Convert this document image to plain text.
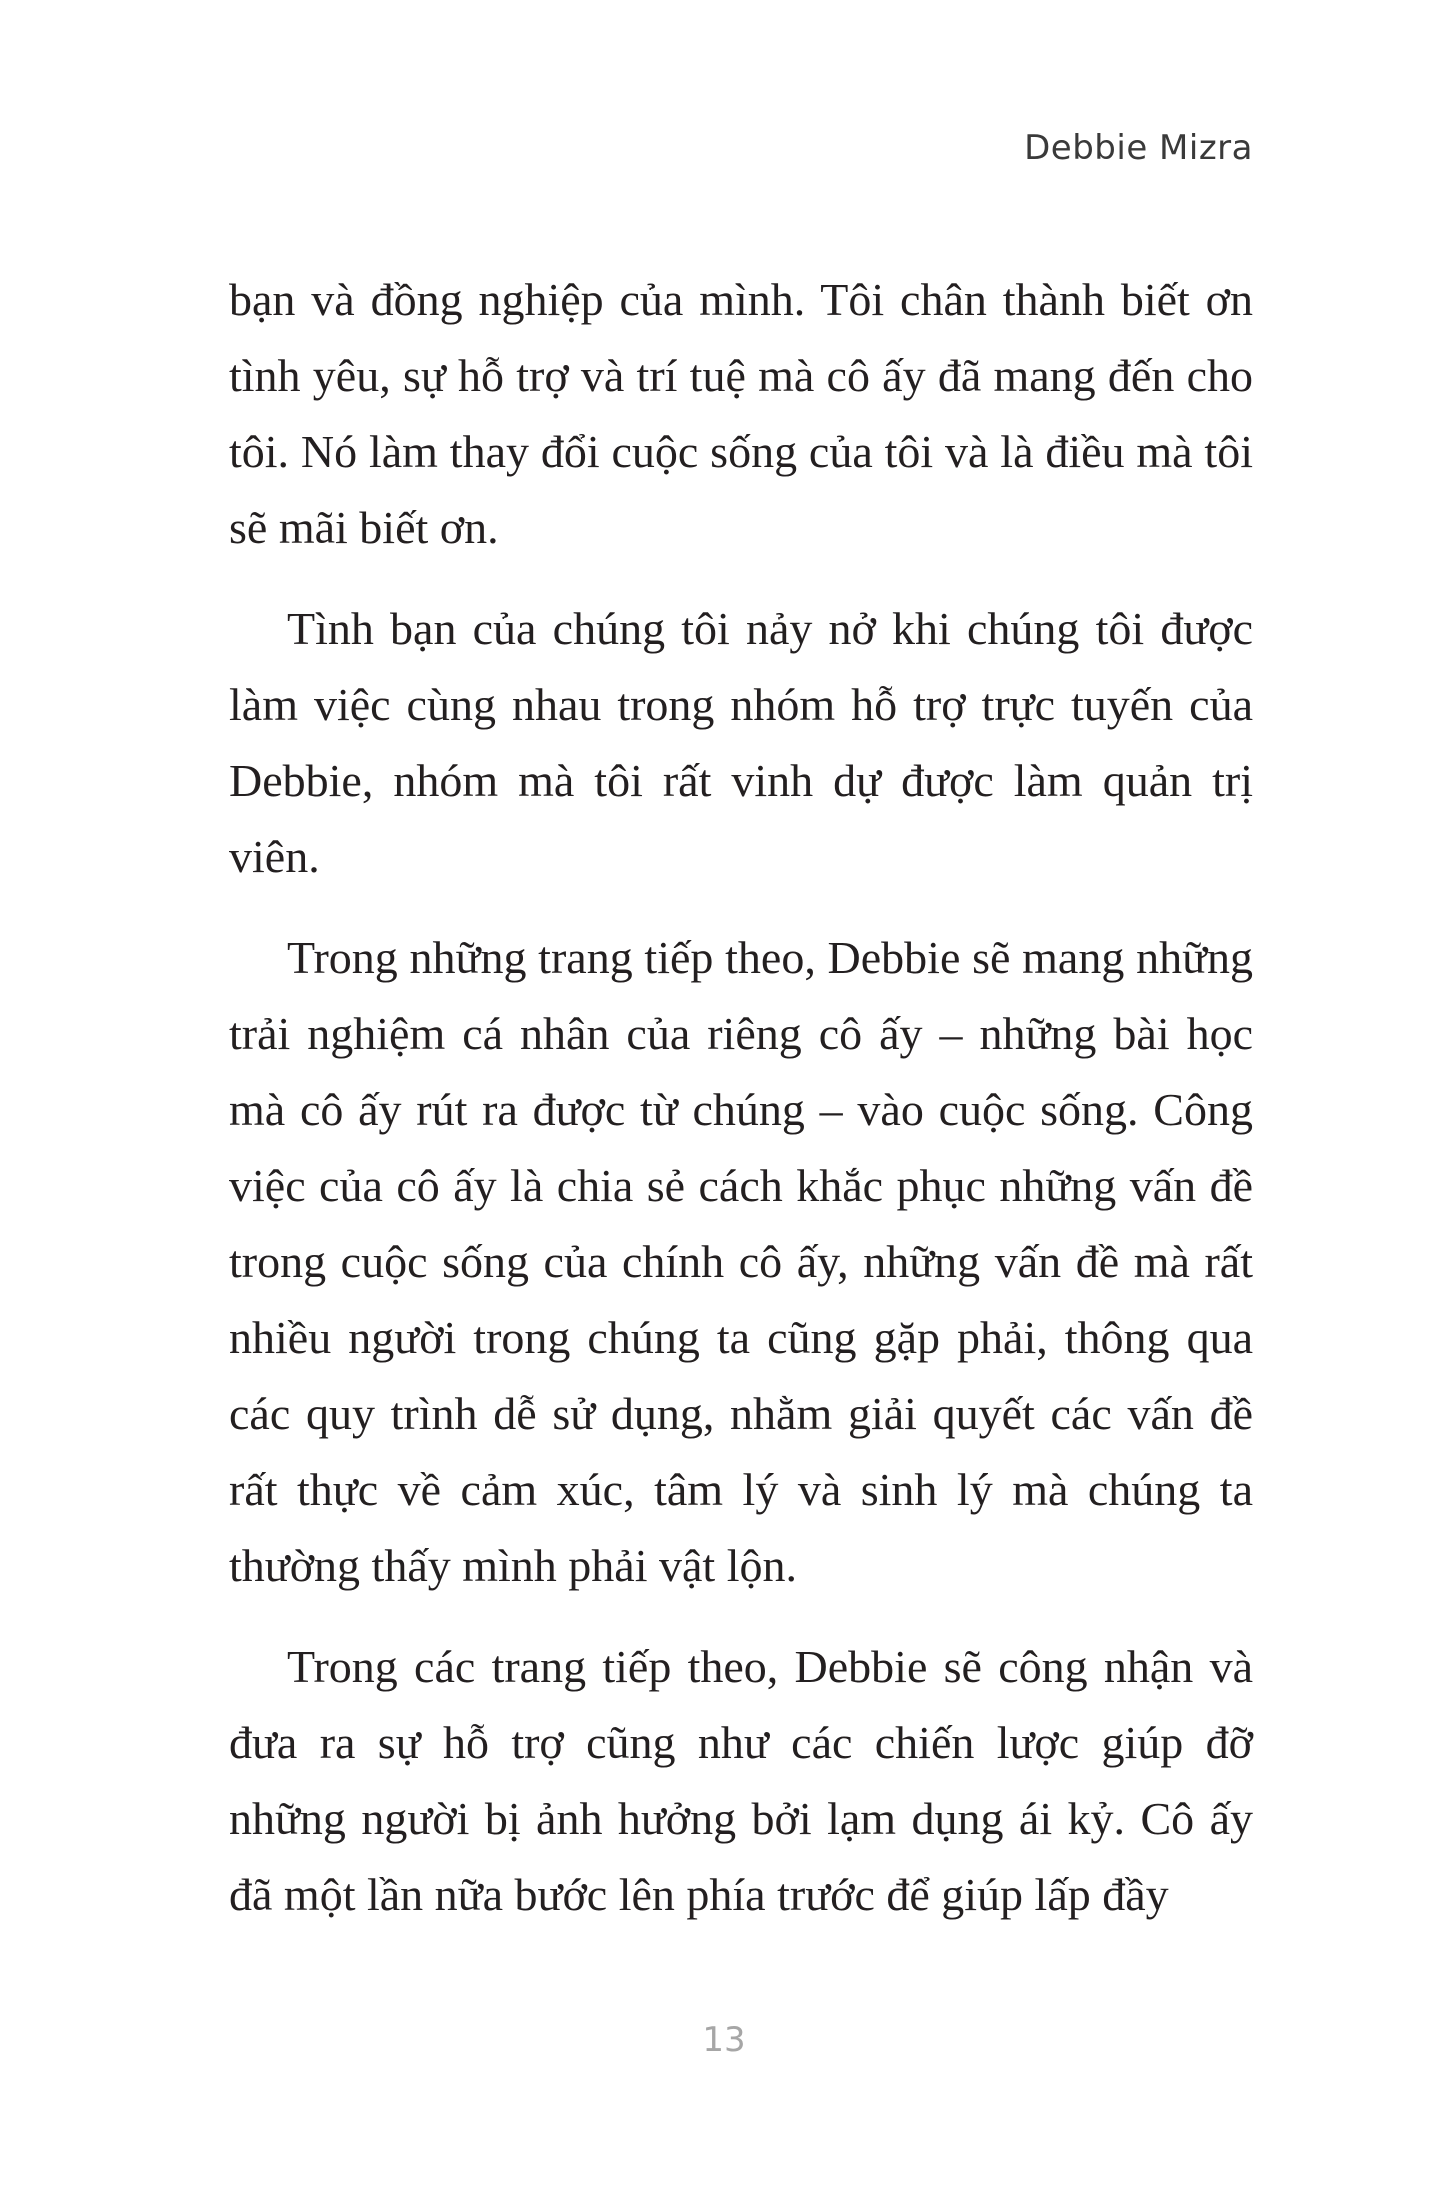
Debbie Mizra

bạn và đồng nghiệp của mình. Tôi chân thành biết ơn tình yêu, sự hỗ trợ và trí tuệ mà cô ấy đã mang đến cho tôi. Nó làm thay đổi cuộc sống của tôi và là điều mà tôi sẽ mãi biết ơn.

Tình bạn của chúng tôi nảy nở khi chúng tôi được làm việc cùng nhau trong nhóm hỗ trợ trực tuyến của Debbie, nhóm mà tôi rất vinh dự được làm quản trị viên.

Trong những trang tiếp theo, Debbie sẽ mang những trải nghiệm cá nhân của riêng cô ấy – những bài học mà cô ấy rút ra được từ chúng – vào cuộc sống. Công việc của cô ấy là chia sẻ cách khắc phục những vấn đề trong cuộc sống của chính cô ấy, những vấn đề mà rất nhiều người trong chúng ta cũng gặp phải, thông qua các quy trình dễ sử dụng, nhằm giải quyết các vấn đề rất thực về cảm xúc, tâm lý và sinh lý mà chúng ta thường thấy mình phải vật lộn.

Trong các trang tiếp theo, Debbie sẽ công nhận và đưa ra sự hỗ trợ cũng như các chiến lược giúp đỡ những người bị ảnh hưởng bởi lạm dụng ái kỷ. Cô ấy đã một lần nữa bước lên phía trước để giúp lấp đầy

13
